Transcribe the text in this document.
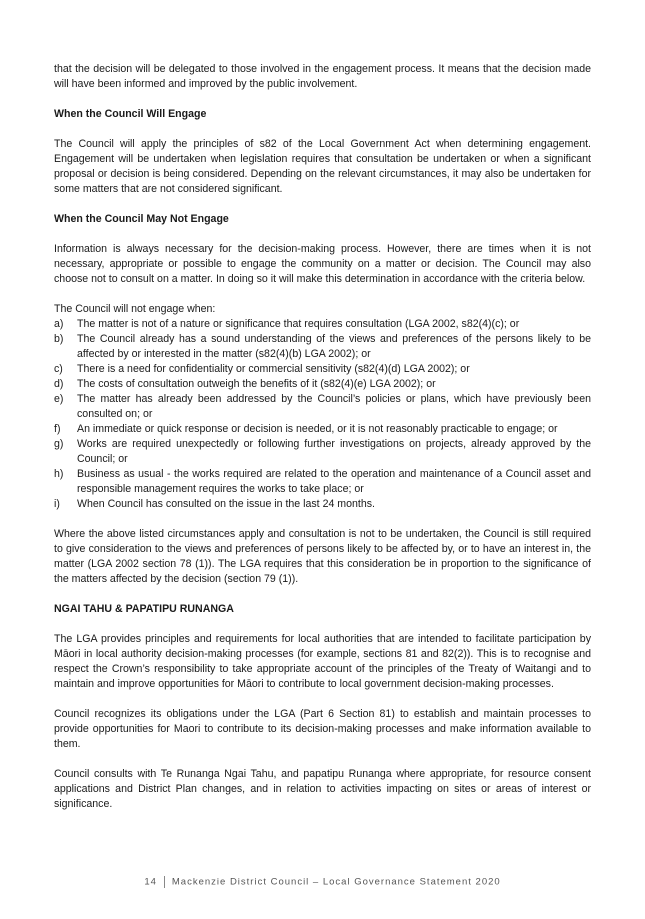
that the decision will be delegated to those involved in the engagement process. It means that the decision made will have been informed and improved by the public involvement.

When the Council Will Engage

The Council will apply the principles of s82 of the Local Government Act when determining engagement. Engagement will be undertaken when legislation requires that consultation be undertaken or when a significant proposal or decision is being considered. Depending on the relevant circumstances, it may also be undertaken for some matters that are not considered significant.

When the Council May Not Engage

Information is always necessary for the decision-making process. However, there are times when it is not necessary, appropriate or possible to engage the community on a matter or decision. The Council may also choose not to consult on a matter. In doing so it will make this determination in accordance with the criteria below.

The Council will not engage when:

a)	The matter is not of a nature or significance that requires consultation (LGA 2002, s82(4)(c); or
b)	The Council already has a sound understanding of the views and preferences of the persons likely to be affected by or interested in the matter (s82(4)(b) LGA 2002); or
c)	There is a need for confidentiality or commercial sensitivity (s82(4)(d) LGA 2002); or
d)	The costs of consultation outweigh the benefits of it (s82(4)(e) LGA 2002); or
e)	The matter has already been addressed by the Council’s policies or plans, which have previously been consulted on; or
f)	An immediate or quick response or decision is needed, or it is not reasonably practicable to engage; or
g)	Works are required unexpectedly or following further investigations on projects, already approved by the Council; or
h)	Business as usual - the works required are related to the operation and maintenance of a Council asset and responsible management requires the works to take place; or
i)	When Council has consulted on the issue in the last 24 months.

Where the above listed circumstances apply and consultation is not to be undertaken, the Council is still required to give consideration to the views and preferences of persons likely to be affected by, or to have an interest in, the matter (LGA 2002 section 78 (1)). The LGA requires that this consideration be in proportion to the significance of the matters affected by the decision (section 79 (1)).

NGAI TAHU & PAPATIPU RUNANGA

The LGA provides principles and requirements for local authorities that are intended to facilitate participation by Māori in local authority decision-making processes (for example, sections 81 and 82(2)). This is to recognise and respect the Crown’s responsibility to take appropriate account of the principles of the Treaty of Waitangi and to maintain and improve opportunities for Māori to contribute to local government decision-making processes.

Council recognizes its obligations under the LGA (Part 6 Section 81) to establish and maintain processes to provide opportunities for Maori to contribute to its decision-making processes and make information available to them.

Council consults with Te Runanga Ngai Tahu, and papatipu Runanga where appropriate, for resource consent applications and District Plan changes, and in relation to activities impacting on sites or areas of interest or significance.

14 Mackenzie District Council – Local Governance Statement 2020
